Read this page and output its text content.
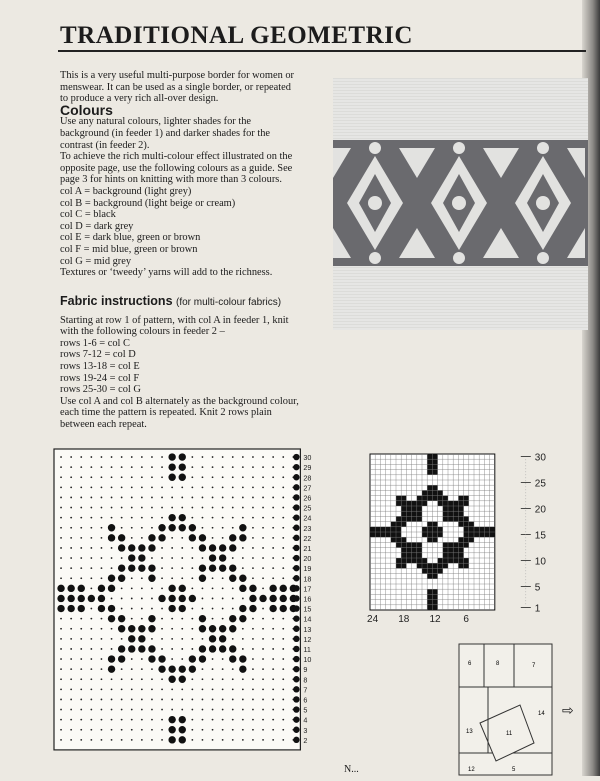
TRADITIONAL GEOMETRIC

This is a very useful multi-purpose border for women or

menswear. It can be used as a single border, or repeated

to produce a very rich all-over design.

Colours

Use any natural colours, lighter shades for the

background (in feeder 1) and darker shades for the

contrast (in feeder 2).

To achieve the rich multi-colour effect illustrated on the

opposite page, use the following colours as a guide. See

page 3 for hints on knitting with more than 3 colours.

col A = background (light grey)

col B = background (light beige or cream)

col C = black

col D = dark grey

col E = dark blue, green or brown

col F = mid blue, green or brown

col G = mid grey

Textures or ‘tweedy’ yarns will add to the richness.

Fabric instructions (for multi-colour fabrics)

Starting at row 1 of pattern, with col A in feeder 1, knit

with the following colours in feeder 2 –

rows 1-6 = col C

rows 7-12 = col D

rows 13-18 = col E

rows 19-24 = col F

rows 25-30 = col G

Use col A and col B alternately as the background colour,

each time the pattern is repeated. Knit 2 rows plain

between each repeat.

30
29
28
27
26
25
24
23
22
21
20
19
18
17
16
15
14
13
12
11
10
9
8
7
6
5
4
3
2
30
25
20
15
10
5
1
6
12
18
24
6	8	7
14
13
12	5
11
⇨
N...
